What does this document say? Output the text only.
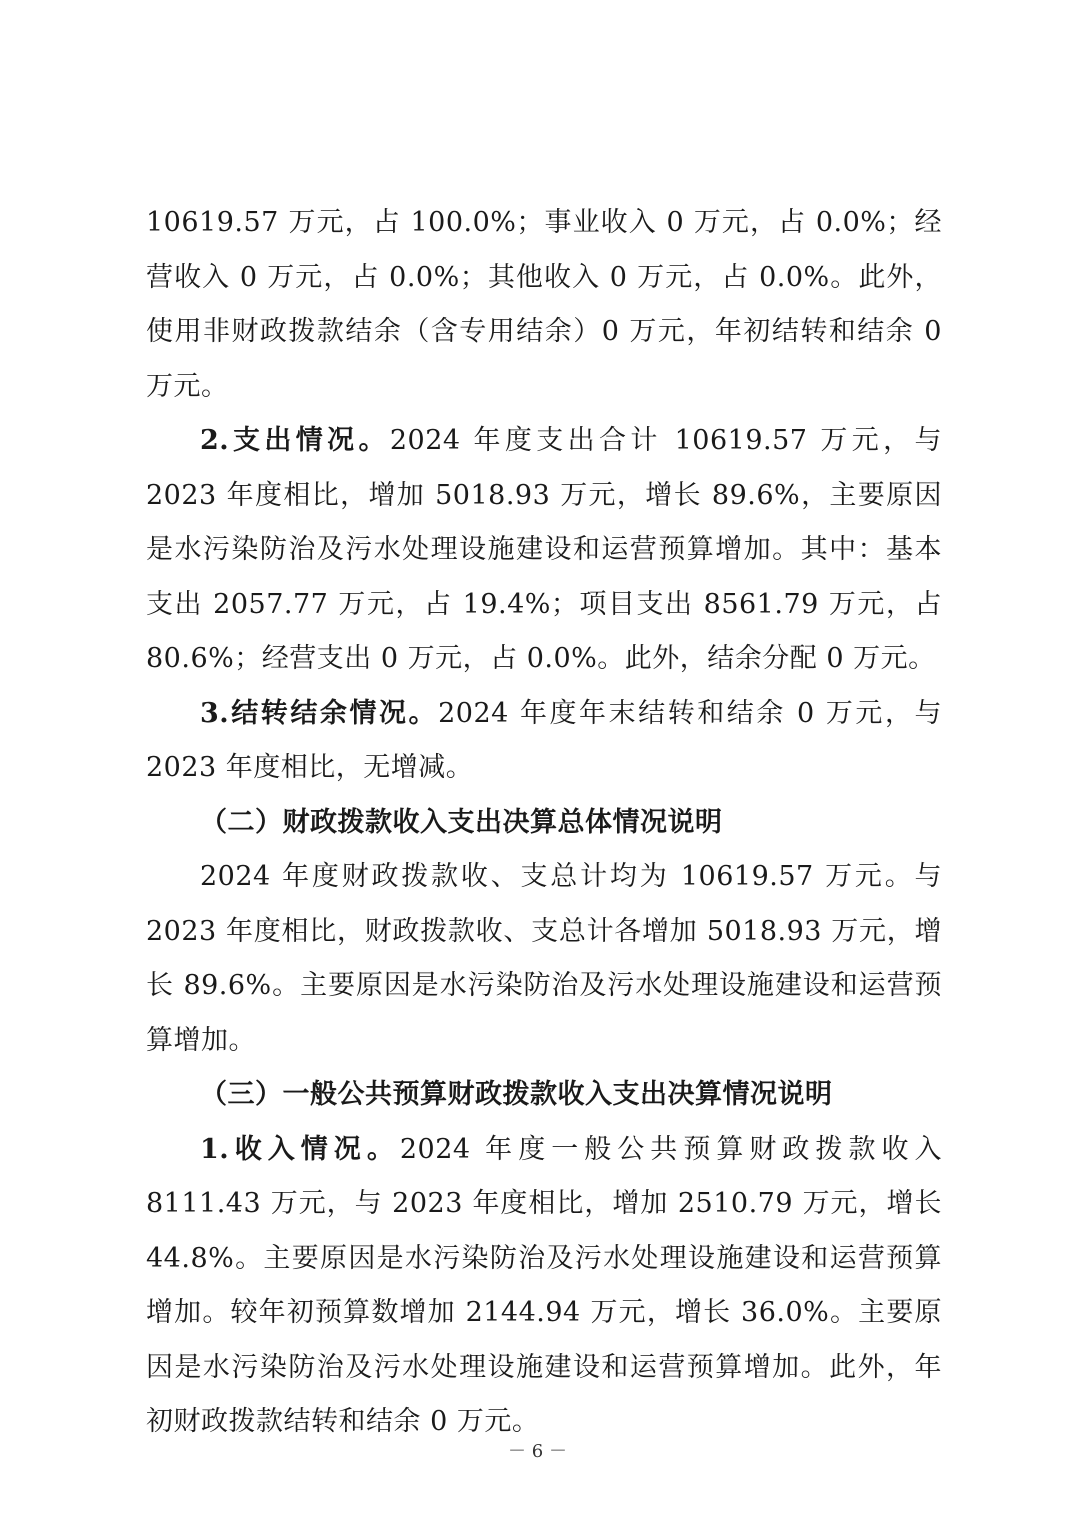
10619.57 万元，占 100.0%；事业收入 0 万元，占 0.0%；经营收入 0 万元，占 0.0%；其他收入 0 万元，占 0.0%。此外，使用非财政拨款结余（含专用结余）0 万元，年初结转和结余 0 万元。

2.支出情况。2024 年度支出合计 10619.57 万元，与 2023 年度相比，增加 5018.93 万元，增长 89.6%，主要原因是水污染防治及污水处理设施建设和运营预算增加。其中：基本支出 2057.77 万元，占 19.4%；项目支出 8561.79 万元，占 80.6%；经营支出 0 万元，占 0.0%。此外，结余分配 0 万元。

3.结转结余情况。2024 年度年末结转和结余 0 万元，与 2023 年度相比，无增减。

（二）财政拨款收入支出决算总体情况说明

2024 年度财政拨款收、支总计均为 10619.57 万元。与 2023 年度相比，财政拨款收、支总计各增加 5018.93 万元，增长 89.6%。主要原因是水污染防治及污水处理设施建设和运营预算增加。

（三）一般公共预算财政拨款收入支出决算情况说明

1.收入情况。2024 年度一般公共预算财政拨款收入 8111.43 万元，与 2023 年度相比，增加 2510.79 万元，增长 44.8%。主要原因是水污染防治及污水处理设施建设和运营预算增加。较年初预算数增加 2144.94 万元，增长 36.0%。主要原因是水污染防治及污水处理设施建设和运营预算增加。此外，年初财政拨款结转和结余 0 万元。

－ 6 －
